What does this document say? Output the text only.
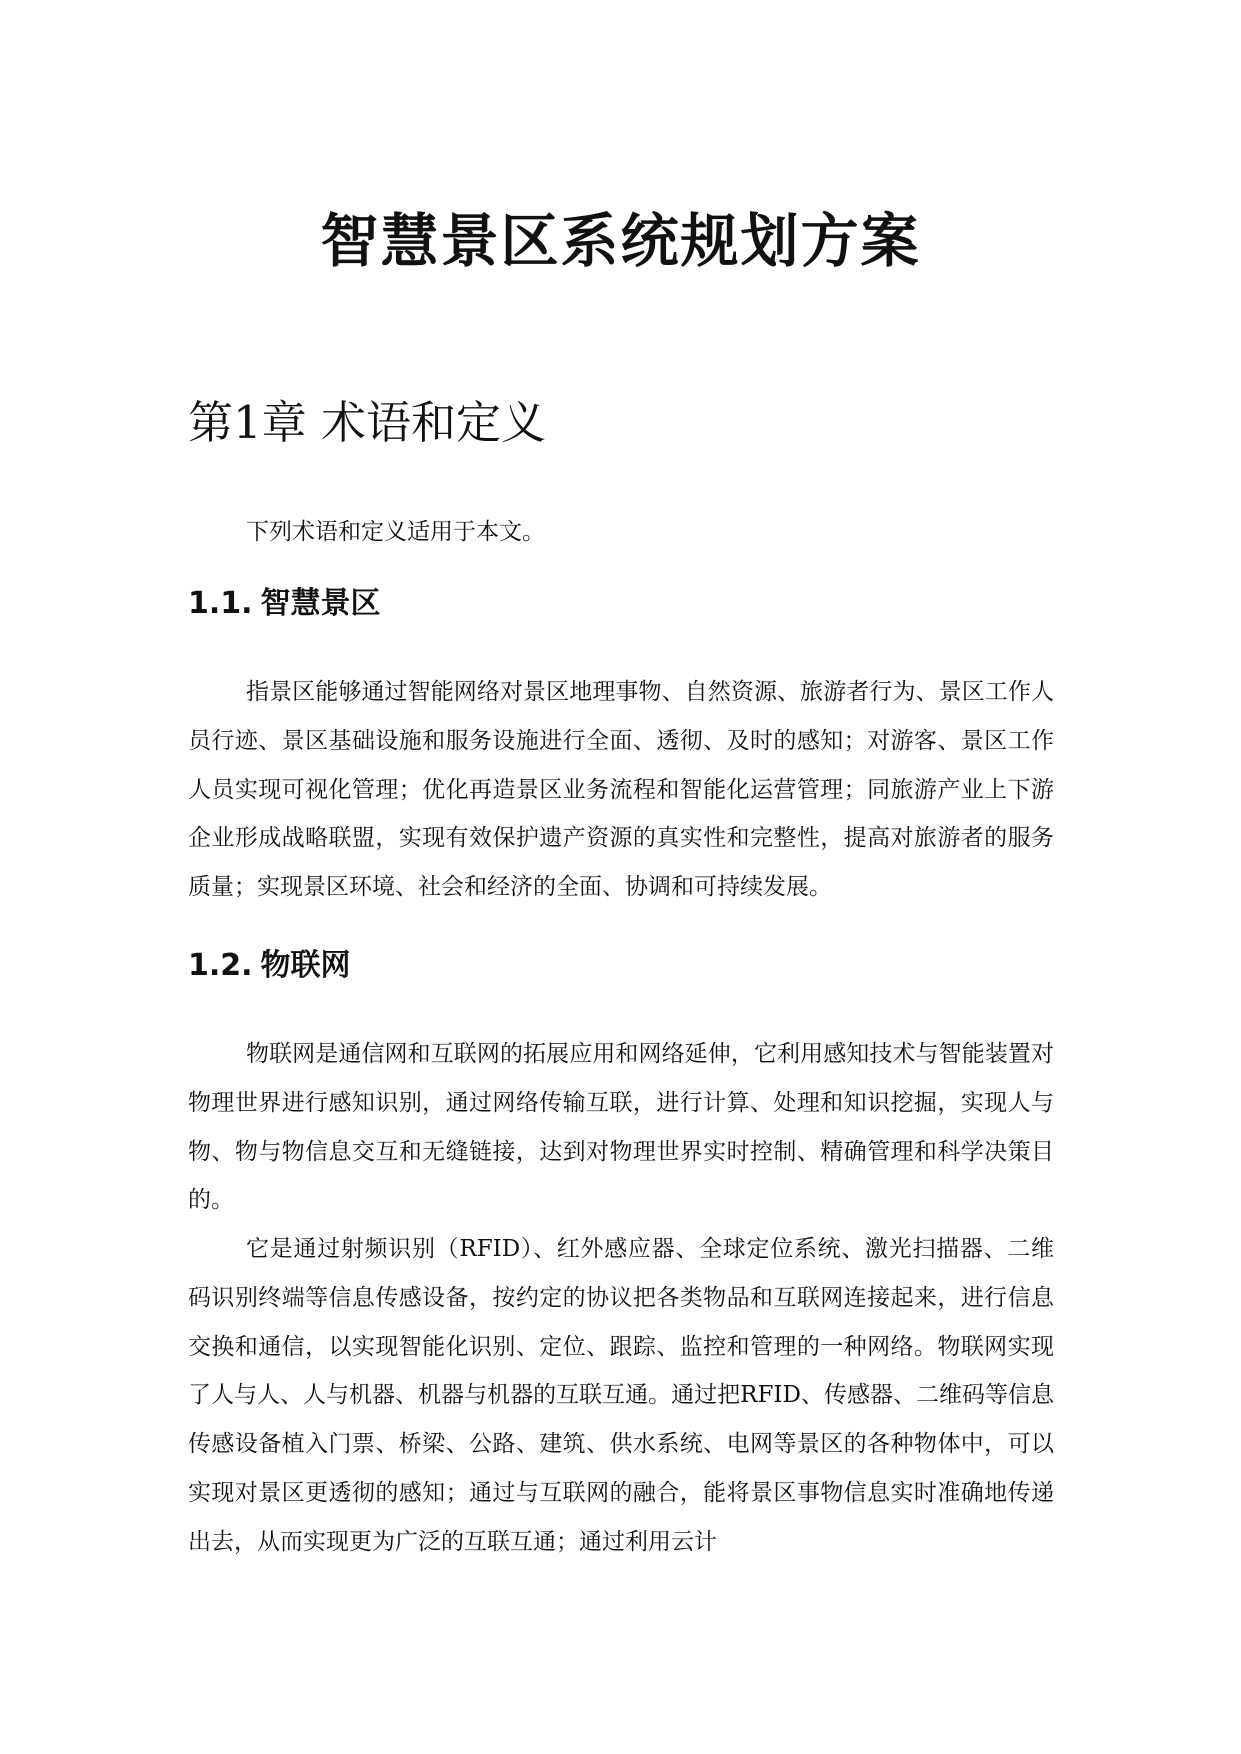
智慧景区系统规划方案
第1章 术语和定义

下列术语和定义适用于本文。

1.1. 智慧景区

指景区能够通过智能网络对景区地理事物、自然资源、旅游者行为、景区工作人员行迹、景区基础设施和服务设施进行全面、透彻、及时的感知；对游客、景区工作人员实现可视化管理；优化再造景区业务流程和智能化运营管理；同旅游产业上下游企业形成战略联盟，实现有效保护遗产资源的真实性和完整性，提高对旅游者的服务质量；实现景区环境、社会和经济的全面、协调和可持续发展。

1.2. 物联网

物联网是通信网和互联网的拓展应用和网络延伸，它利用感知技术与智能装置对物理世界进行感知识别，通过网络传输互联，进行计算、处理和知识挖掘，实现人与物、物与物信息交互和无缝链接，达到对物理世界实时控制、精确管理和科学决策目的。

它是通过射频识别（RFID）、红外感应器、全球定位系统、激光扫描器、二维码识别终端等信息传感设备，按约定的协议把各类物品和互联网连接起来，进行信息交换和通信，以实现智能化识别、定位、跟踪、监控和管理的一种网络。物联网实现了人与人、人与机器、机器与机器的互联互通。通过把RFID、传感器、二维码等信息传感设备植入门票、桥梁、公路、建筑、供水系统、电网等景区的各种物体中，可以实现对景区更透彻的感知；通过与互联网的融合，能将景区事物信息实时准确地传递出去，从而实现更为广泛的互联互通；通过利用云计
